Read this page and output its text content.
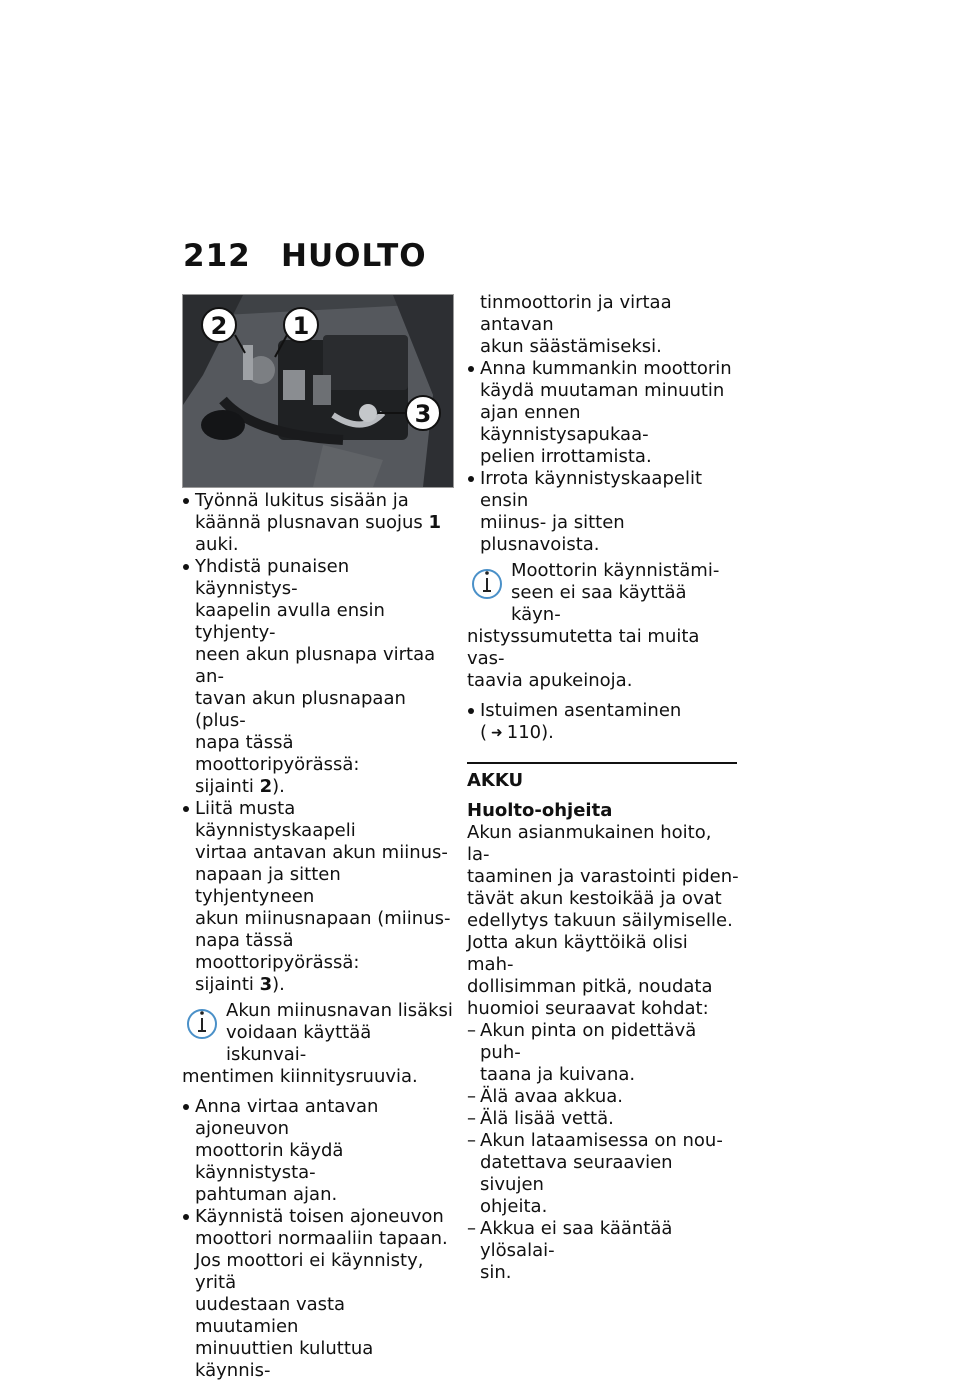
212 HUOLTO
2	1
3
Työnnä lukitus sisään ja
käännä plusnavan suojus 1
auki.
Yhdistä punaisen käynnistys-
kaapelin avulla ensin tyhjenty-
neen akun plusnapa virtaa an-
tavan akun plusnapaan (plus-
napa tässä moottoripyörässä:
sijainti 2).
Liitä musta käynnistyskaapeli
virtaa antavan akun miinus-
napaan ja sitten tyhjentyneen
akun miinusnapaan (miinus-
napa tässä moottoripyörässä:
sijainti 3).
Akun miinusnavan lisäksi
voidaan käyttää iskunvai-

mentimen kiinnitysruuvia.

Anna virtaa antavan ajoneuvon
moottorin käydä käynnistysta-
pahtuman ajan.
Käynnistä toisen ajoneuvon
moottori normaaliin tapaan.
Jos moottori ei käynnisty, yritä
uudestaan vasta muutamien
minuuttien kuluttua käynnis-

tinmoottorin ja virtaa antavan

akun säästämiseksi.

Anna kummankin moottorin
käydä muutaman minuutin
ajan ennen käynnistysapukaa-
pelien irrottamista.
Irrota käynnistyskaapelit ensin
miinus- ja sitten plusnavoista.
Moottorin käynnistämi-
seen ei saa käyttää käyn-

nistyssumutetta tai muita vas-

taavia apukeinoja.

Istuimen asentaminen
( ➜ 110).

AKKU

Huolto-ohjeita

Akun asianmukainen hoito, la-

taaminen ja varastointi piden-

tävät akun kestoikää ja ovat

edellytys takuun säilymiselle.

Jotta akun käyttöikä olisi mah-

dollisimman pitkä, noudata

huomioi seuraavat kohdat:

– Akun pinta on pidettävä puh-
taana ja kuivana.
– Älä avaa akkua.
– Älä lisää vettä.
– Akun lataamisessa on nou-
datettava seuraavien sivujen
ohjeita.
– Akkua ei saa kääntää ylösalai-
sin.
